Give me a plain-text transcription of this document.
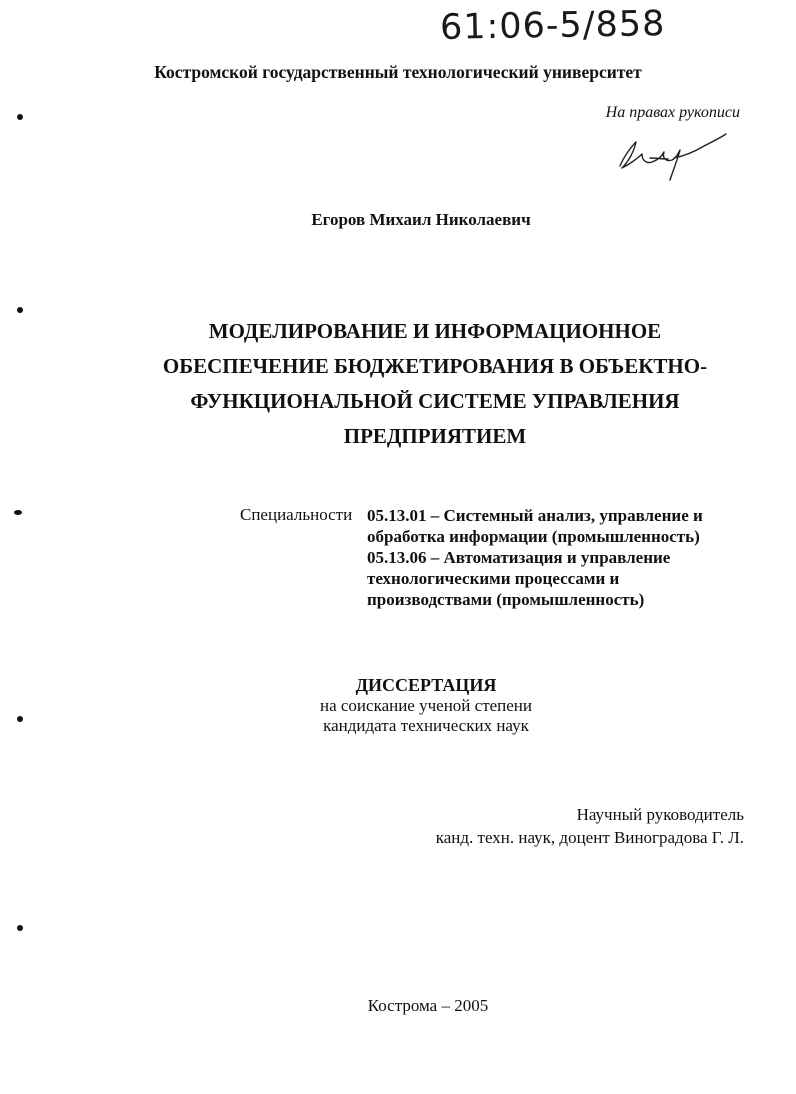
61:06-5/858
Костромской государственный технологический университет
На правах рукописи
Егоров Михаил Николаевич
МОДЕЛИРОВАНИЕ И ИНФОРМАЦИОННОЕ
ОБЕСПЕЧЕНИЕ БЮДЖЕТИРОВАНИЯ В ОБЪЕКТНО-
ФУНКЦИОНАЛЬНОЙ СИСТЕМЕ УПРАВЛЕНИЯ
ПРЕДПРИЯТИЕМ
Специальности 05.13.01 – Системный анализ, управление и
обработка информации (промышленность)
05.13.06 – Автоматизация и управление
технологическими процессами и
производствами (промышленность)
ДИССЕРТАЦИЯ
на соискание ученой степени
кандидата технических наук
Научный руководитель
канд. техн. наук, доцент Виноградова Г. Л.
Кострома – 2005
